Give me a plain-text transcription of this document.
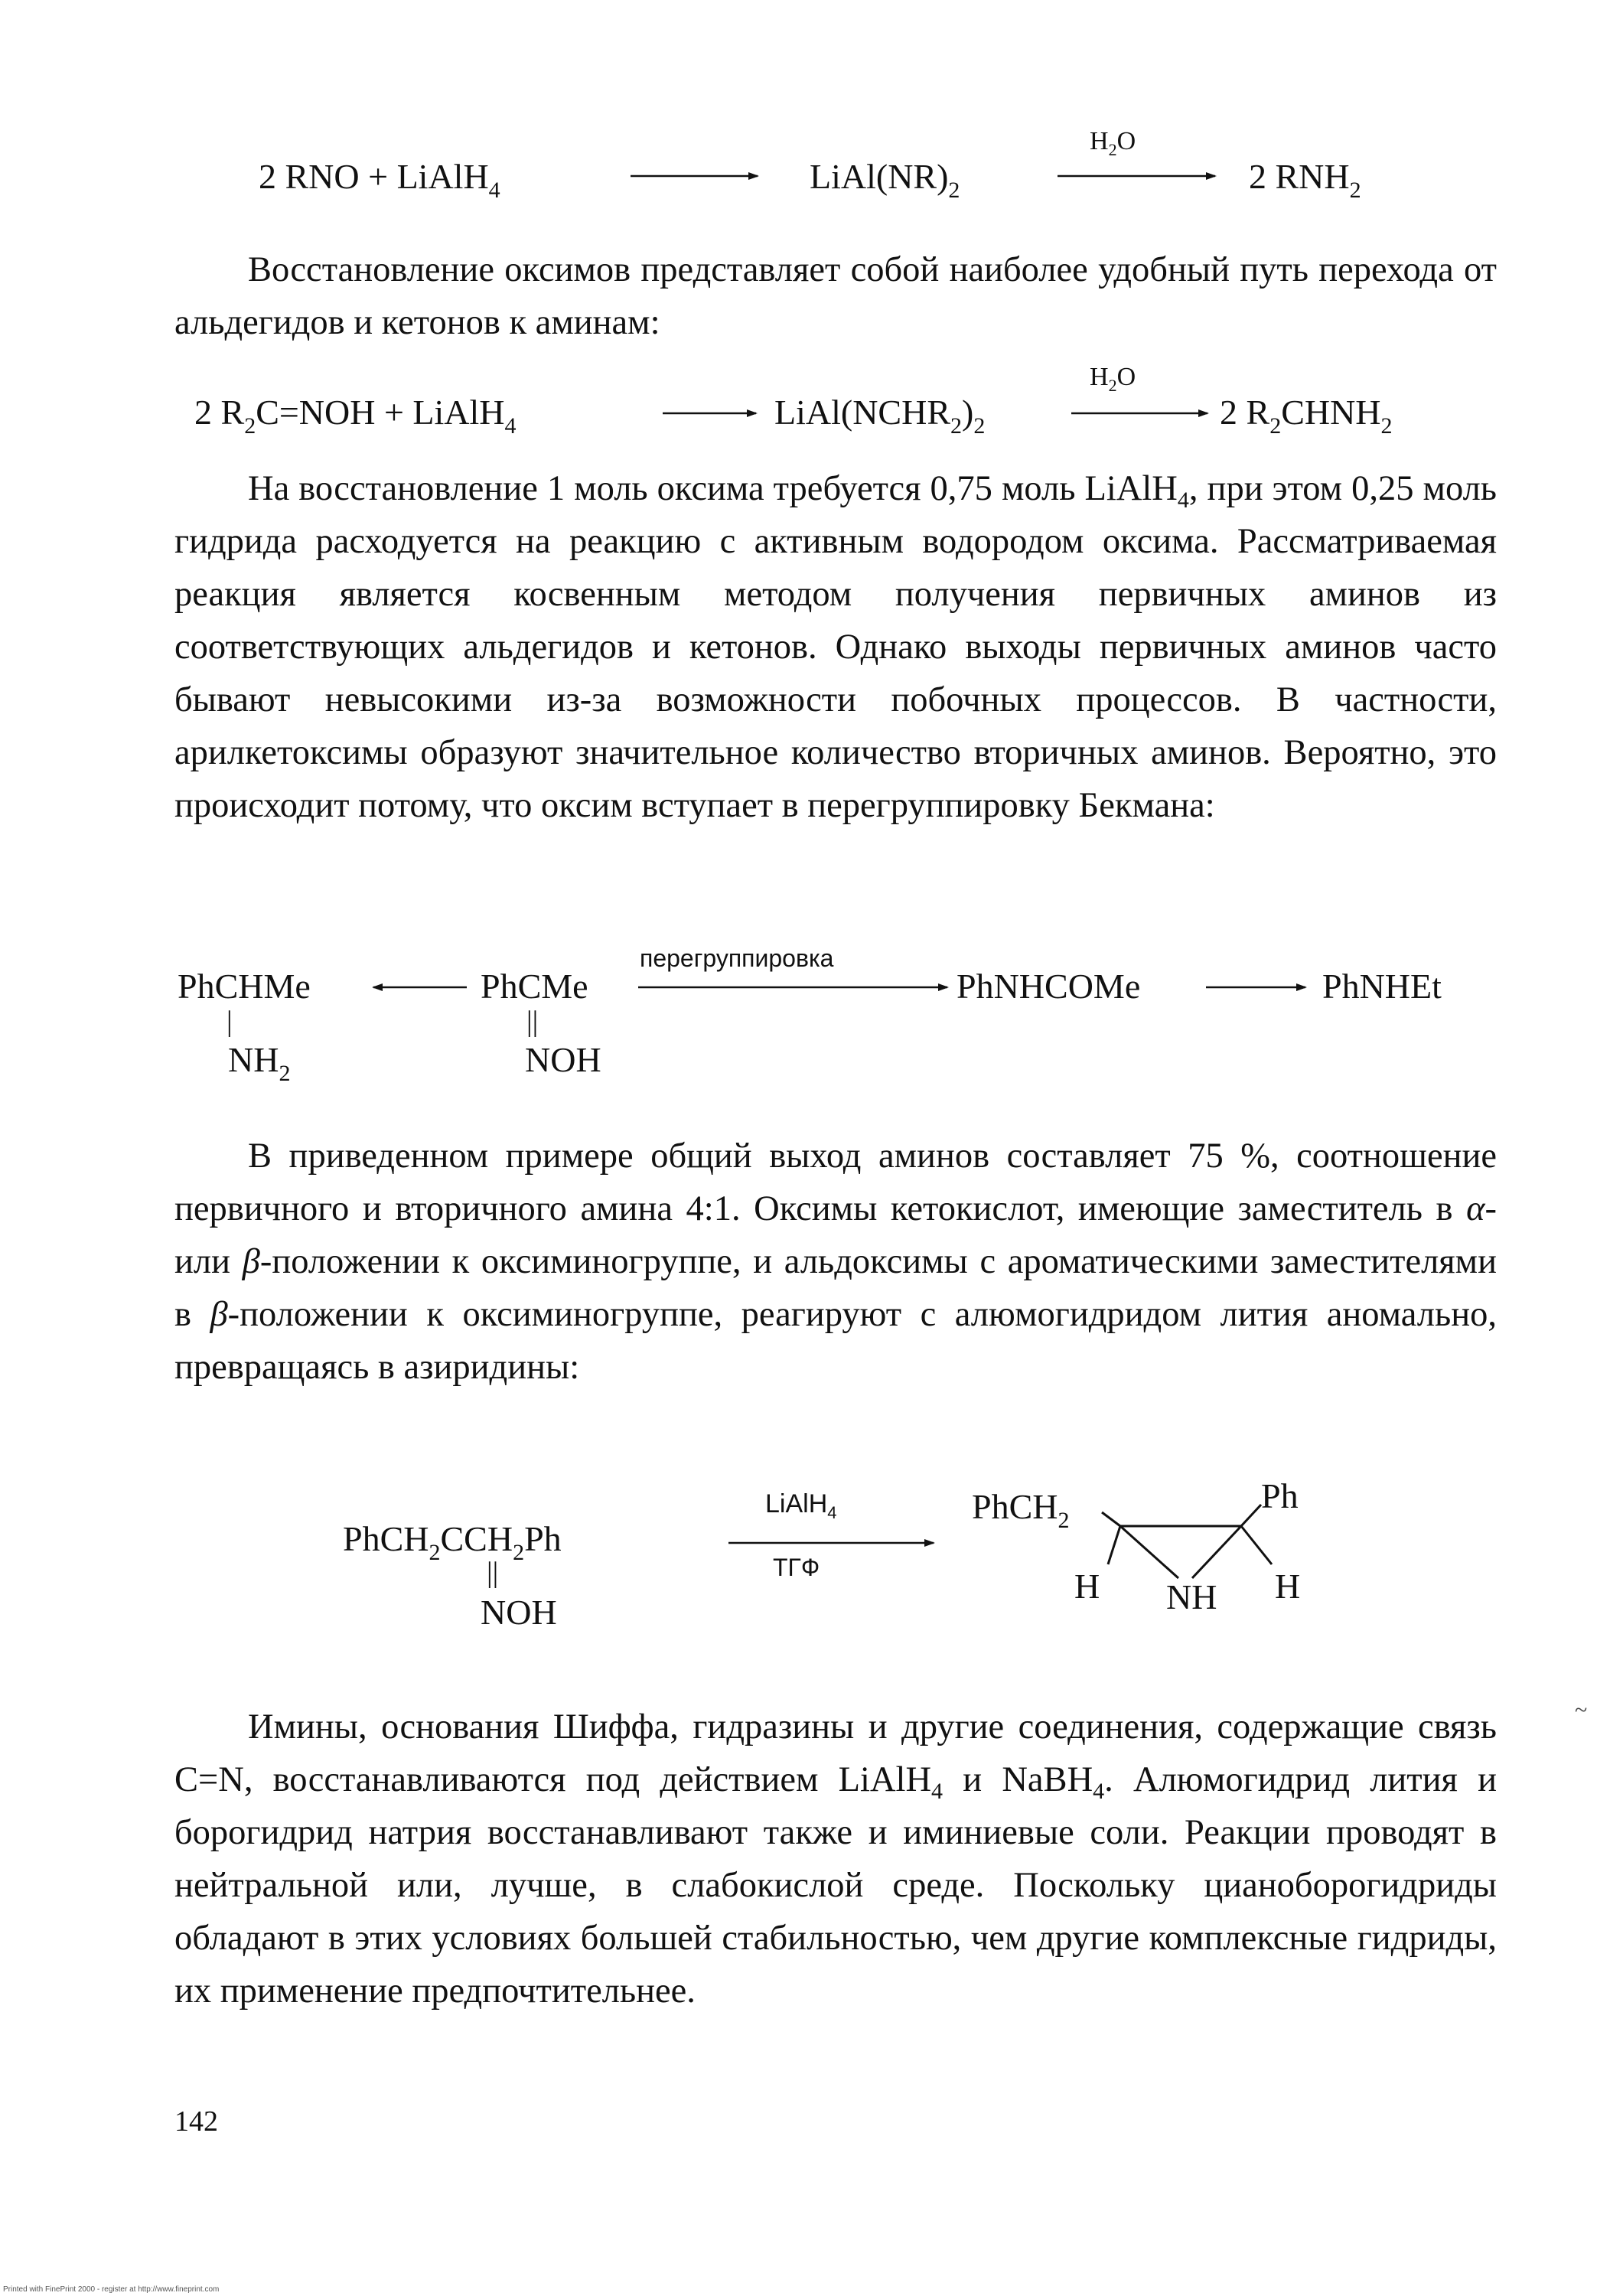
2 RNO + LiAlH$_4$	$LiAl(NR)_2$
$H_2O$
2 $RNH_2$

Восстановление оксимов представляет собой наиболее удобный путь перехода от альдегидов и кетонов к аминам:

2 $R_2C=NOH$ + LiAlH$_4$	$LiAl(NCHR_2)_2$
$H_2O$
2 $R_2CHNH_2$

На восстановление 1 моль оксима требуется 0,75 моль LiAlH$_4$, при этом 0,25 моль гидрида расходуется на реакцию с активным водородом оксима. Рассматриваемая реакция является косвенным методом получения первичных аминов из соответствующих альдегидов и кетонов. Однако выходы первичных аминов часто бывают невысокими из-за возможности побочных процессов. В частности, арилкетоксимы образуют значительное количество вторичных аминов. Вероятно, это происходит потому, что оксим вступает в перегруппировку Бекмана:

PhCHMe
|
$NH_2$
PhCMe
||
NOH
перегруппировка
PhNHCOMe	PhNHEt

В приведенном примере общий выход аминов составляет 75 %, соотношение первичного и вторичного амина 4:1. Оксимы кетокислот, имеющие заместитель в α- или β-положении к оксиминогруппе, и альдоксимы с ароматическими заместителями в β-положении к оксиминогруппе, реагируют с алюмогидридом лития аномально, превращаясь в азиридины:

$PhCH_2CCH_2Ph$
||
NOH
LiAlH$_4$
ТГФ
PhCH$_2$
Ph
H NH H

Имины, основания Шиффа, гидразины и другие соединения, содержащие связь C=N, восстанавливаются под действием LiAlH$_4$ и NaBH$_4$. Алюмогидрид лития и борогидрид натрия восстанавливают также и иминиевые соли. Реакции проводят в нейтральной или, лучше, в слабокислой среде. Поскольку цианоборогидриды обладают в этих условиях большей стабильностью, чем другие комплексные гидриды, их применение предпочтительнее.

~
142
Printed with FinePrint 2000 - register at http://www.fineprint.com
